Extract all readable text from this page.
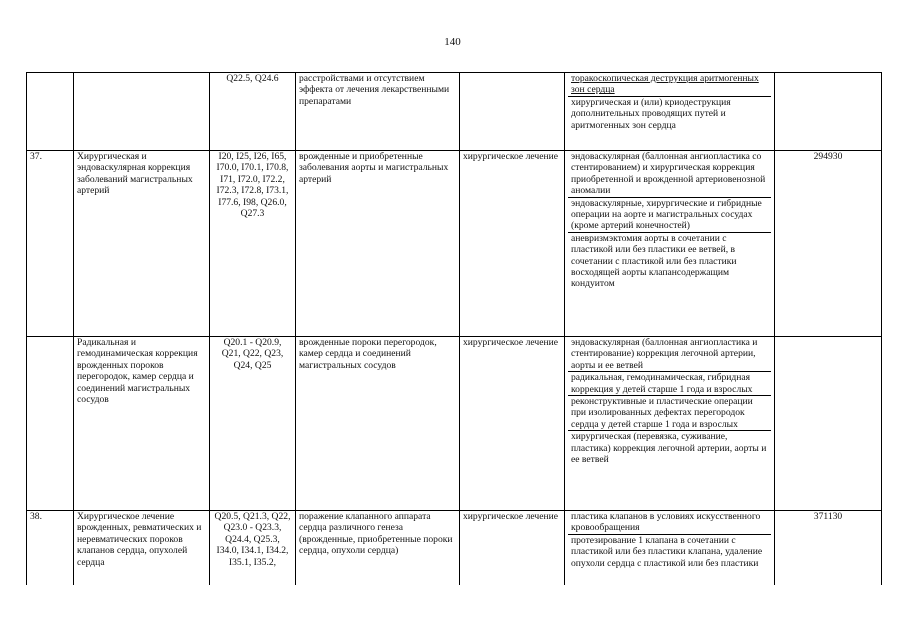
140
		Q22.5, Q24.6	расстройствами и отсутствием эффекта от лечения лекарственными препаратами		торакоскопическая деструкция аритмогенных зон сердца
хирургическая и (или) криодеструкция дополнительных проводящих путей и аритмогенных зон сердца	

37.	Хирургическая и эндоваскулярная коррекция заболеваний магистральных артерий	I20, I25, I26, I65, I70.0, I70.1, I70.8, I71, I72.0, I72.2, I72.3, I72.8, I73.1, I77.6, I98, Q26.0, Q27.3	врожденные и приобретенные заболевания аорты и магистральных артерий	хирургическое лечение	эндоваскулярная (баллонная ангиопластика со стентированием) и хирургическая коррекция приобретенной и врожденной артериовенозной аномалии
эндоваскулярные, хирургические и гибридные операции на аорте и магистральных сосудах (кроме артерий конечностей)
аневризмэктомия аорты в сочетании с пластикой или без пластики ее ветвей, в сочетании с пластикой или без пластики восходящей аорты клапансодержащим кондуитом	294930
	Радикальная и гемодинамическая коррекция врожденных пороков перегородок, камер сердца и соединений магистральных сосудов	Q20.1 - Q20.9, Q21, Q22, Q23, Q24, Q25	врожденные пороки перегородок, камер сердца и соединений магистральных сосудов	хирургическое лечение	эндоваскулярная (баллонная ангиопластика и стентирование) коррекция легочной артерии, аорты и ее ветвей
радикальная, гемодинамическая, гибридная коррекция у детей старше 1 года и взрослых
реконструктивные и пластические операции при изолированных дефектах перегородок сердца у детей старше 1 года и взрослых
хирургическая (перевязка, суживание, пластика) коррекция легочной артерии, аорты и ее ветвей	

38.	Хирургическое лечение врожденных, ревматических и неревматических пороков клапанов сердца, опухолей сердца	Q20.5, Q21.3, Q22, Q23.0 - Q23.3, Q24.4, Q25.3, I34.0, I34.1, I34.2, I35.1, I35.2,	поражение клапанного аппарата сердца различного генеза (врожденные, приобретенные пороки сердца, опухоли сердца)	хирургическое лечение	пластика клапанов в условиях искусственного кровообращения
протезирование 1 клапана в сочетании с пластикой или без пластики клапана, удаление опухоли сердца с пластикой или без пластики	371130
